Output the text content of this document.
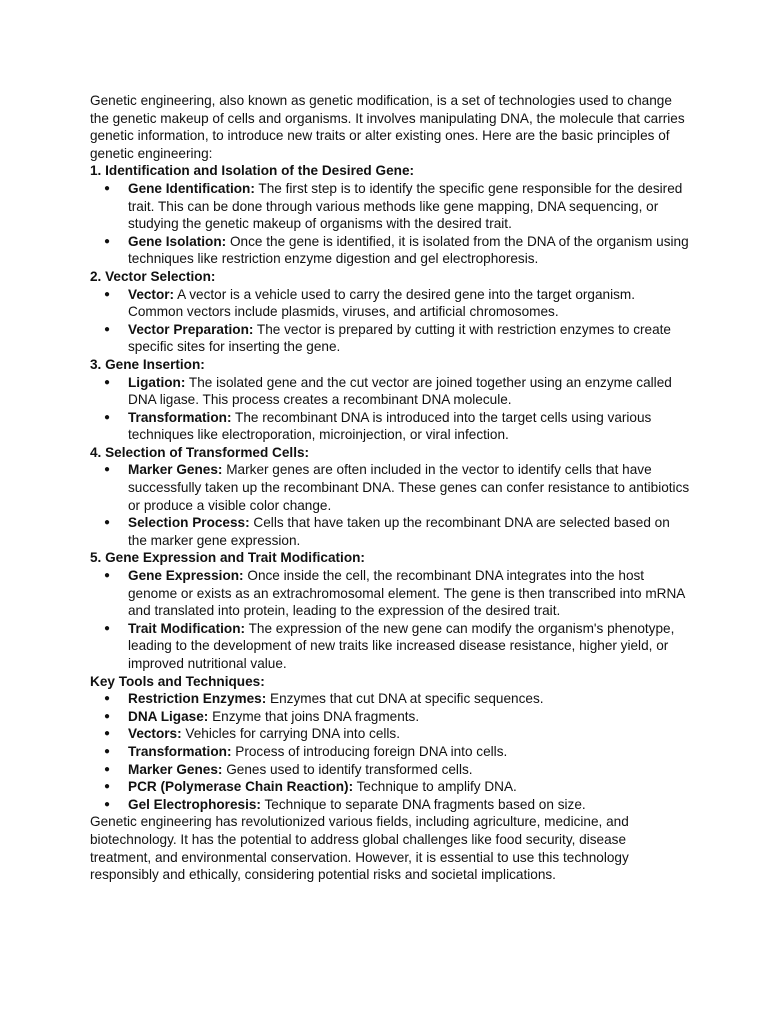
Genetic engineering, also known as genetic modification, is a set of technologies used to change the genetic makeup of cells and organisms. It involves manipulating DNA, the molecule that carries genetic information, to introduce new traits or alter existing ones. Here are the basic principles of genetic engineering:

1. Identification and Isolation of the Desired Gene:

● Gene Identification: The first step is to identify the specific gene responsible for the desired trait. This can be done through various methods like gene mapping, DNA sequencing, or studying the genetic makeup of organisms with the desired trait.
● Gene Isolation: Once the gene is identified, it is isolated from the DNA of the organism using techniques like restriction enzyme digestion and gel electrophoresis.

2. Vector Selection:

● Vector: A vector is a vehicle used to carry the desired gene into the target organism. Common vectors include plasmids, viruses, and artificial chromosomes.
● Vector Preparation: The vector is prepared by cutting it with restriction enzymes to create specific sites for inserting the gene.

3. Gene Insertion:

● Ligation: The isolated gene and the cut vector are joined together using an enzyme called DNA ligase. This process creates a recombinant DNA molecule.
● Transformation: The recombinant DNA is introduced into the target cells using various techniques like electroporation, microinjection, or viral infection.

4. Selection of Transformed Cells:

● Marker Genes: Marker genes are often included in the vector to identify cells that have successfully taken up the recombinant DNA. These genes can confer resistance to antibiotics or produce a visible color change.
● Selection Process: Cells that have taken up the recombinant DNA are selected based on the marker gene expression.

5. Gene Expression and Trait Modification:

● Gene Expression: Once inside the cell, the recombinant DNA integrates into the host genome or exists as an extrachromosomal element. The gene is then transcribed into mRNA and translated into protein, leading to the expression of the desired trait.
● Trait Modification: The expression of the new gene can modify the organism's phenotype, leading to the development of new traits like increased disease resistance, higher yield, or improved nutritional value.

Key Tools and Techniques:

● Restriction Enzymes: Enzymes that cut DNA at specific sequences.
● DNA Ligase: Enzyme that joins DNA fragments.
● Vectors: Vehicles for carrying DNA into cells.
● Transformation: Process of introducing foreign DNA into cells.
● Marker Genes: Genes used to identify transformed cells.
● PCR (Polymerase Chain Reaction): Technique to amplify DNA.
● Gel Electrophoresis: Technique to separate DNA fragments based on size.

Genetic engineering has revolutionized various fields, including agriculture, medicine, and biotechnology. It has the potential to address global challenges like food security, disease treatment, and environmental conservation. However, it is essential to use this technology responsibly and ethically, considering potential risks and societal implications.
